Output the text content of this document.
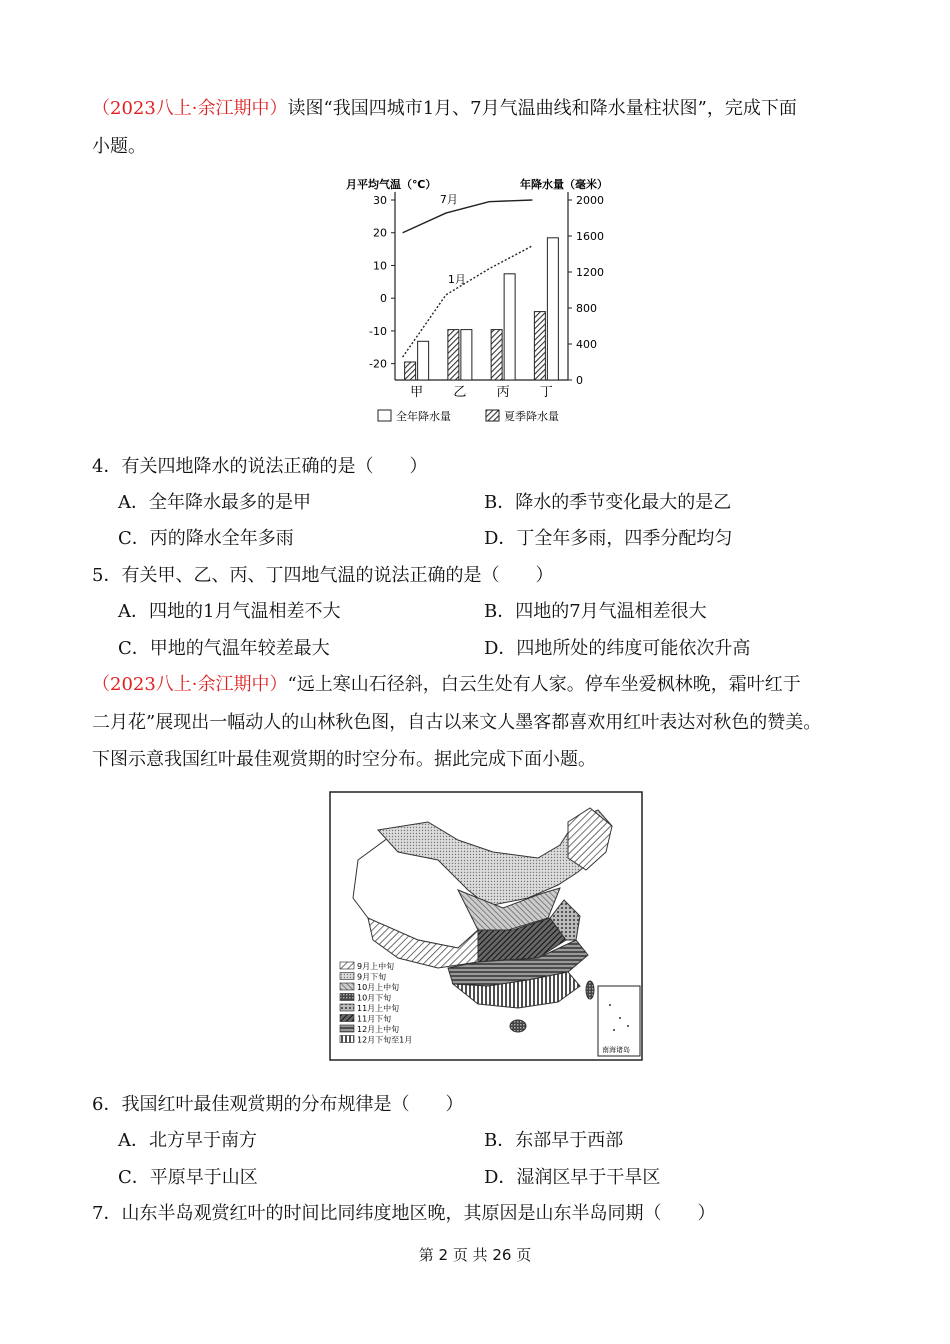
（2023八上·余江期中）读图“我国四城市1月、7月气温曲线和降水量柱状图”，完成下面
小题。
月平均气温（℃）	年降水量（毫米）
30
20
10
0
-10
-20
2000
1600
1200
800
400
0
甲 乙 丙 丁
7月
1月
全年降水量	夏季降水量
4．有关四地降水的说法正确的是（　　）
A．全年降水最多的是甲	B．降水的季节变化最大的是乙
C．丙的降水全年多雨	D．丁全年多雨，四季分配均匀
5．有关甲、乙、丙、丁四地气温的说法正确的是（　　）
A．四地的1月气温相差不大	B．四地的7月气温相差很大
C．甲地的气温年较差最大	D．四地所处的纬度可能依次升高
（2023八上·余江期中）“远上寒山石径斜，白云生处有人家。停车坐爱枫林晚，霜叶红于
二月花”展现出一幅动人的山林秋色图，自古以来文人墨客都喜欢用红叶表达对秋色的赞美。
下图示意我国红叶最佳观赏期的时空分布。据此完成下面小题。
南海诸岛
9月上中旬
9月下旬
10月上中旬
10月下旬
11月上中旬
11月下旬
12月上中旬
12月下旬至1月
6．我国红叶最佳观赏期的分布规律是（　　）
A．北方早于南方	B．东部早于西部
C．平原早于山区	D．湿润区早于干旱区
7．山东半岛观赏红叶的时间比同纬度地区晚，其原因是山东半岛同期（　　）
第 2 页 共 26 页
